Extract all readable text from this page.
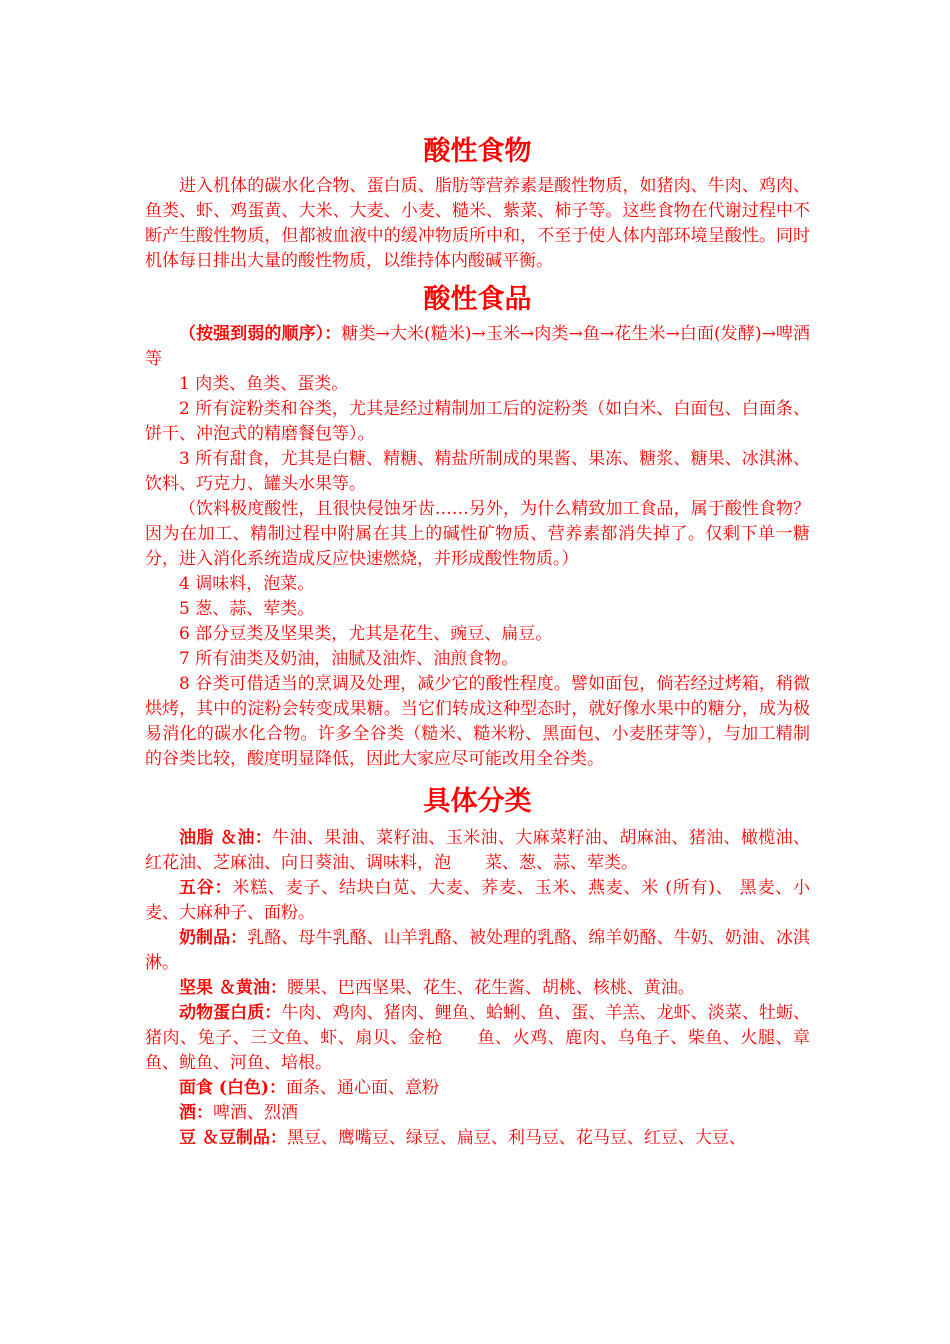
酸性食物

进入机体的碳水化合物、蛋白质、脂肪等营养素是酸性物质，如猪肉、牛肉、鸡肉、鱼类、虾、鸡蛋黄、大米、大麦、小麦、糙米、紫菜、柿子等。这些食物在代谢过程中不断产生酸性物质，但都被血液中的缓冲物质所中和，不至于使人体内部环境呈酸性。同时机体每日排出大量的酸性物质，以维持体内酸碱平衡。

酸性食品

（按强到弱的顺序）：糖类→大米(糙米)→玉米→肉类→鱼→花生米→白面(发酵)→啤酒等

1 肉类、鱼类、蛋类。

2 所有淀粉类和谷类，尤其是经过精制加工后的淀粉类（如白米、白面包、白面条、饼干、冲泡式的精磨餐包等）。

3 所有甜食，尤其是白糖、精糖、精盐所制成的果酱、果冻、糖浆、糖果、冰淇淋、饮料、巧克力、罐头水果等。

（饮料极度酸性，且很快侵蚀牙齿……另外，为什么精致加工食品，属于酸性食物？因为在加工、精制过程中附属在其上的碱性矿物质、营养素都消失掉了。仅剩下单一糖分，进入消化系统造成反应快速燃烧，并形成酸性物质。）

4 调味料，泡菜。

5 葱、蒜、荤类。

6 部分豆类及坚果类，尤其是花生、豌豆、扁豆。

7 所有油类及奶油，油腻及油炸、油煎食物。

8 谷类可借适当的烹调及处理，减少它的酸性程度。譬如面包，倘若经过烤箱，稍微烘烤，其中的淀粉会转变成果糖。当它们转成这种型态时，就好像水果中的糖分，成为极易消化的碳水化合物。许多全谷类（糙米、糙米粉、黑面包、小麦胚芽等），与加工精制的谷类比较，酸度明显降低，因此大家应尽可能改用全谷类。

具体分类

油脂 ＆油：牛油、果油、菜籽油、玉米油、大麻菜籽油、胡麻油、猪油、橄榄油、红花油、芝麻油、向日葵油、调味料，泡 菜、葱、蒜、荤类。

五谷：米糕、麦子、结块白苋、大麦、荞麦、玉米、燕麦、米 (所有)、 黑麦、小麦、大麻种子、面粉。

奶制品：乳酪、母牛乳酪、山羊乳酪、被处理的乳酪、绵羊奶酪、牛奶、奶油、冰淇淋。

坚果 ＆黄油：腰果、巴西坚果、花生、花生酱、胡桃、核桃、黄油。

动物蛋白质：牛肉、鸡肉、猪肉、鲤鱼、蛤蜊、鱼、蛋、羊羔、龙虾、淡菜、牡蛎、猪肉、兔子、三文鱼、虾、扇贝、金枪 鱼、火鸡、鹿肉、乌龟子、柴鱼、火腿、章鱼、鱿鱼、河鱼、培根。

面食 (白色)：面条、通心面、意粉

酒：啤酒、烈酒

豆 ＆豆制品：黑豆、鹰嘴豆、绿豆、扁豆、利马豆、花马豆、红豆、大豆、
